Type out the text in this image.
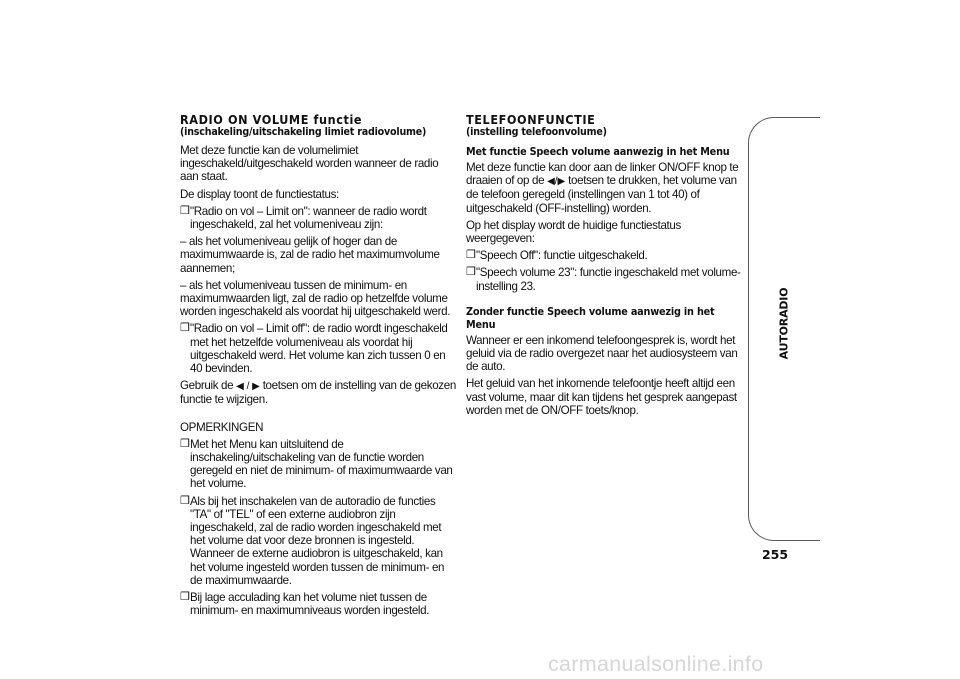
RADIO ON VOLUME functie
(inschakeling/uitschakeling limiet radiovolume)

Met deze functie kan de volumelimiet ingeschakeld/uitgeschakeld worden wanneer de radio aan staat.

De display toont de functiestatus:

❒ "Radio on vol – Limit on": wanneer de radio wordt ingeschakeld, zal het volumeniveau zijn:

– als het volumeniveau gelijk of hoger dan de maximumwaarde is, zal de radio het maximumvolume aannemen;

– als het volumeniveau tussen de minimum- en maximumwaarden ligt, zal de radio op hetzelfde volume worden ingeschakeld als voordat hij uitgeschakeld werd.

❒ "Radio on vol – Limit off": de radio wordt ingeschakeld met het hetzelfde volumeniveau als voordat hij uitgeschakeld werd. Het volume kan zich tussen 0 en 40 bevinden.

Gebruik de ◀ / ▶ toetsen om de instelling van de gekozen functie te wijzigen.

OPMERKINGEN

❒ Met het Menu kan uitsluitend de inschakeling/uitschakeling van de functie worden geregeld en niet de minimum- of maximumwaarde van het volume.
❒ Als bij het inschakelen van de autoradio de functies "TA" of "TEL" of een externe audiobron zijn ingeschakeld, zal de radio worden ingeschakeld met het volume dat voor deze bronnen is ingesteld. Wanneer de externe audiobron is uitgeschakeld, kan het volume ingesteld worden tussen de minimum- en de maximumwaarde.
❒ Bij lage acculading kan het volume niet tussen de minimum- en maximumniveaus worden ingesteld.
TELEFOONFUNCTIE
(instelling telefoonvolume)
Met functie Speech volume aanwezig in het Menu

Met deze functie kan door aan de linker ON/OFF knop te draaien of op de ◀/▶ toetsen te drukken, het volume van de telefoon geregeld (instellingen van 1 tot 40) of uitgeschakeld (OFF-instelling) worden.

Op het display wordt de huidige functiestatus weergegeven:

❒ "Speech Off": functie uitgeschakeld.
❒ "Speech volume 23": functie ingeschakeld met volume-instelling 23.
Zonder functie Speech volume aanwezig in het Menu

Wanneer er een inkomend telefoongesprek is, wordt het geluid via de radio overgezet naar het audiosysteem van de auto.

Het geluid van het inkomende telefoontje heeft altijd een vast volume, maar dit kan tijdens het gesprek aangepast worden met de ON/OFF toets/knop.

AUTORADIO
255
carmanualsonline.info
